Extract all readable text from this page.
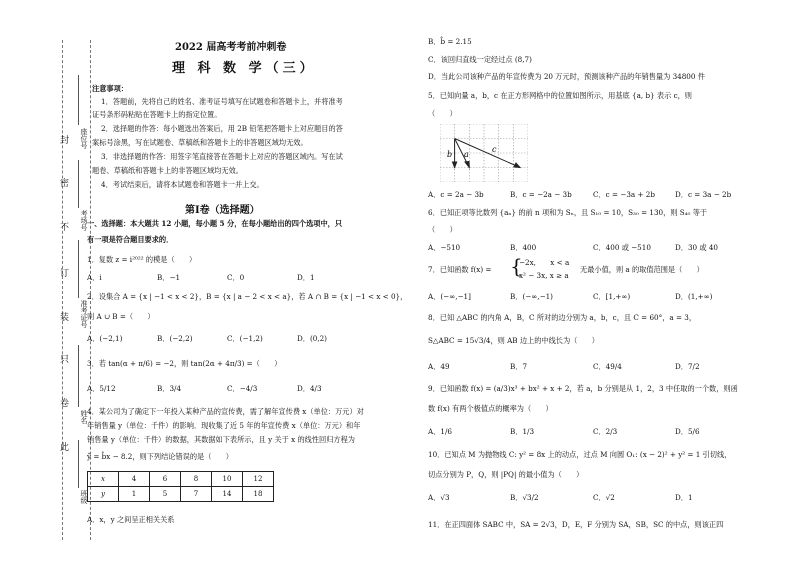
封
密
不
订
装
只
卷
此
座位号
考场号
准考证号
姓名
班级
2022 届高考考前冲刺卷
理 科 数 学（三）
注意事项：
1．答题前，先将自己的姓名、准考证号填写在试题卷和答题卡上，并将准考
证号条形码粘贴在答题卡上的指定位置。
2．选择题的作答：每小题选出答案后，用 2B 铅笔把答题卡上对应题目的答
案标号涂黑，写在试题卷、草稿纸和答题卡上的非答题区域均无效。
3．非选择题的作答：用签字笔直接答在答题卡上对应的答题区域内。写在试
题卷、草稿纸和答题卡上的非答题区域均无效。
4．考试结束后，请将本试题卷和答题卡一并上交。
第Ⅰ卷（选择题）
一、选择题：本大题共 12 小题，每小题 5 分，在每小题给出的四个选项中，只
有一项是符合题目要求的．
1．复数 z = i²⁰²² 的模是（　　）
A．i	B．−1	C．0	D．1
2．设集合 A = {x | −1 < x < 2}，B = {x | a − 2 < x < a}，若 A ∩ B = {x | −1 < x < 0}，
则 A ∪ B =（　　）
A．(−2,1)	B．(−2,2)	C．(−1,2)	D．(0,2)
3．若 tan(α + π/6) = −2，则 tan(2α + 4π/3) =（　　）
A．5/12	B．3/4	C．−4/3	D．4/3
4．某公司为了确定下一年投入某种产品的宣传费，需了解年宣传费 x（单位：万元）对
年销售量 y（单位：千件）的影响．现收集了近 5 年的年宣传费 x（单位：万元）和年
销售量 y（单位：千件）的数据，其数据如下表所示，且 y 关于 x 的线性回归方程为
ŷ = b̂x − 8.2，则下列结论错误的是（　　）
x	4	6	8	10	12
y	1	5	7	14	18
A．x，y 之间呈正相关关系
B．b̂ = 2.15
C．该回归直线一定经过点 (8,7)
D．当此公司该种产品的年宣传费为 20 万元时，预测该种产品的年销售量为 34800 件
5．已知向量 a，b，c 在正方形网格中的位置如图所示，用基底 {a, b} 表示 c，则
（　　）
a
b
c
A．c = 2a − 3b	B．c = −2a − 3b	C．c = −3a + 2b	D．c = 3a − 2b
6．已知正项等比数列 {aₙ} 的前 n 项和为 Sₙ，且 S₁₀ = 10，S₃₀ = 130，则 S₄₀ 等于
（　　）
A．−510	B．400	C．400 或 −510	D．30 或 40
7．已知函数 f(x) = {
−2x,　　x < a
x² − 3x, x ≥ a
无最小值，则 a 的取值范围是（　　）
A．(−∞,−1]	B．(−∞,−1)	C．[1,+∞)	D．(1,+∞)
8．已知 △ABC 的内角 A，B，C 所对的边分别为 a，b，c，且 C = 60°，a = 3，
S△ABC = 15√3/4，则 AB 边上的中线长为（　　）
A．49	B．7	C．49/4	D．7/2
9．已知函数 f(x) = (a/3)x³ + bx² + x + 2，若 a，b 分别是从 1，2，3 中任取的一个数，则函
数 f(x) 有两个极值点的概率为（　　）
A．1/6	B．1/3	C．2/3	D．5/6
10．已知点 M 为抛物线 C: y² = 8x 上的动点，过点 M 向圆 O₁: (x − 2)² + y² = 1 引切线，
切点分别为 P，Q，则 |PQ| 的最小值为（　　）
A．√3	B．√3/2	C．√2	D．1
11．在正四面体 SABC 中，SA = 2√3，D，E，F 分别为 SA，SB，SC 的中点，则该正四
